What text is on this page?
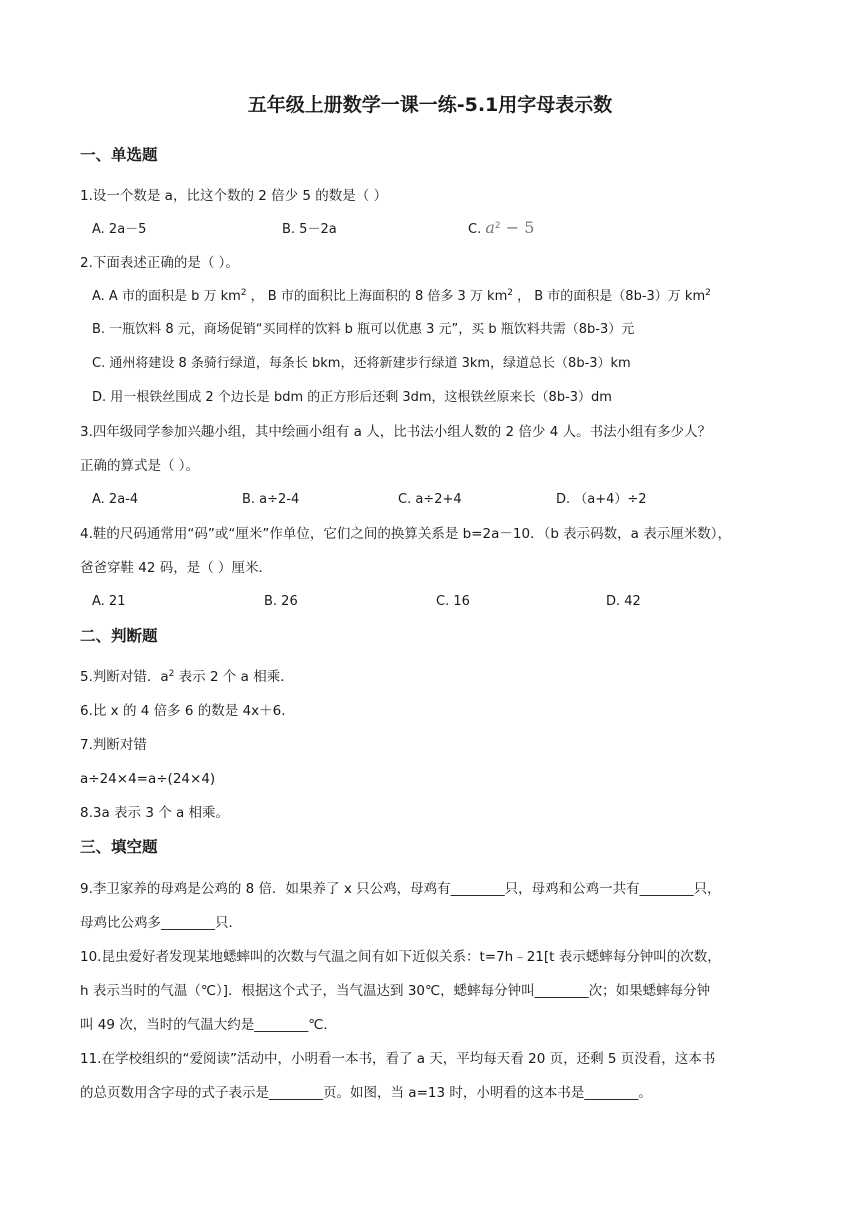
五年级上册数学一课一练-5.1用字母表示数
一、单选题
1.设一个数是 a，比这个数的 2 倍少 5 的数是（ ）
A. 2a－5	B. 5－2a	C. $a^2 - 5$
2.下面表述正确的是（ ）。
A. A 市的面积是 b 万 $km^2$ ， B 市的面积比上海面积的 8 倍多 3 万 $km^2$ ， B 市的面积是（8b-3）万 $km^2$
B. 一瓶饮料 8 元，商场促销“买同样的饮料 b 瓶可以优惠 3 元”，买 b 瓶饮料共需（8b-3）元
C. 通州将建设 8 条骑行绿道，每条长 bkm，还将新建步行绿道 3km，绿道总长（8b-3）km
D. 用一根铁丝围成 2 个边长是 bdm 的正方形后还剩 3dm，这根铁丝原来长（8b-3）dm
3.四年级同学参加兴趣小组，其中绘画小组有 a 人，比书法小组人数的 2 倍少 4 人。书法小组有多少人？
正确的算式是（ ）。
A. 2a-4	B. a÷2-4	C. a÷2+4	D. （a+4）÷2
4.鞋的尺码通常用“码”或“厘米”作单位，它们之间的换算关系是 b=2a－10．（b 表示码数，a 表示厘米数），
爸爸穿鞋 42 码，是（ ）厘米．
A. 21	B. 26	C. 16	D. 42
二、判断题
5.判断对错．$a^2$ 表示 2 个 a 相乘．
6.比 x 的 4 倍多 6 的数是 4x＋6．
7.判断对错
a÷24×4=a÷(24×4)
8.3a 表示 3 个 a 相乘。
三、填空题
9.李卫家养的母鸡是公鸡的 8 倍．如果养了 x 只公鸡，母鸡有________只，母鸡和公鸡一共有________只，
母鸡比公鸡多________只．
10.昆虫爱好者发现某地蟋蟀叫的次数与气温之间有如下近似关系：t=7h﹣21[t 表示蟋蟀每分钟叫的次数，
h 表示当时的气温（℃）]．根据这个式子，当气温达到 30℃，蟋蟀每分钟叫________次；如果蟋蟀每分钟
叫 49 次，当时的气温大约是________℃．
11.在学校组织的“爱阅读”活动中，小明看一本书，看了 a 天，平均每天看 20 页，还剩 5 页没看，这本书
的总页数用含字母的式子表示是________页。如图，当 a=13 时，小明看的这本书是________。
